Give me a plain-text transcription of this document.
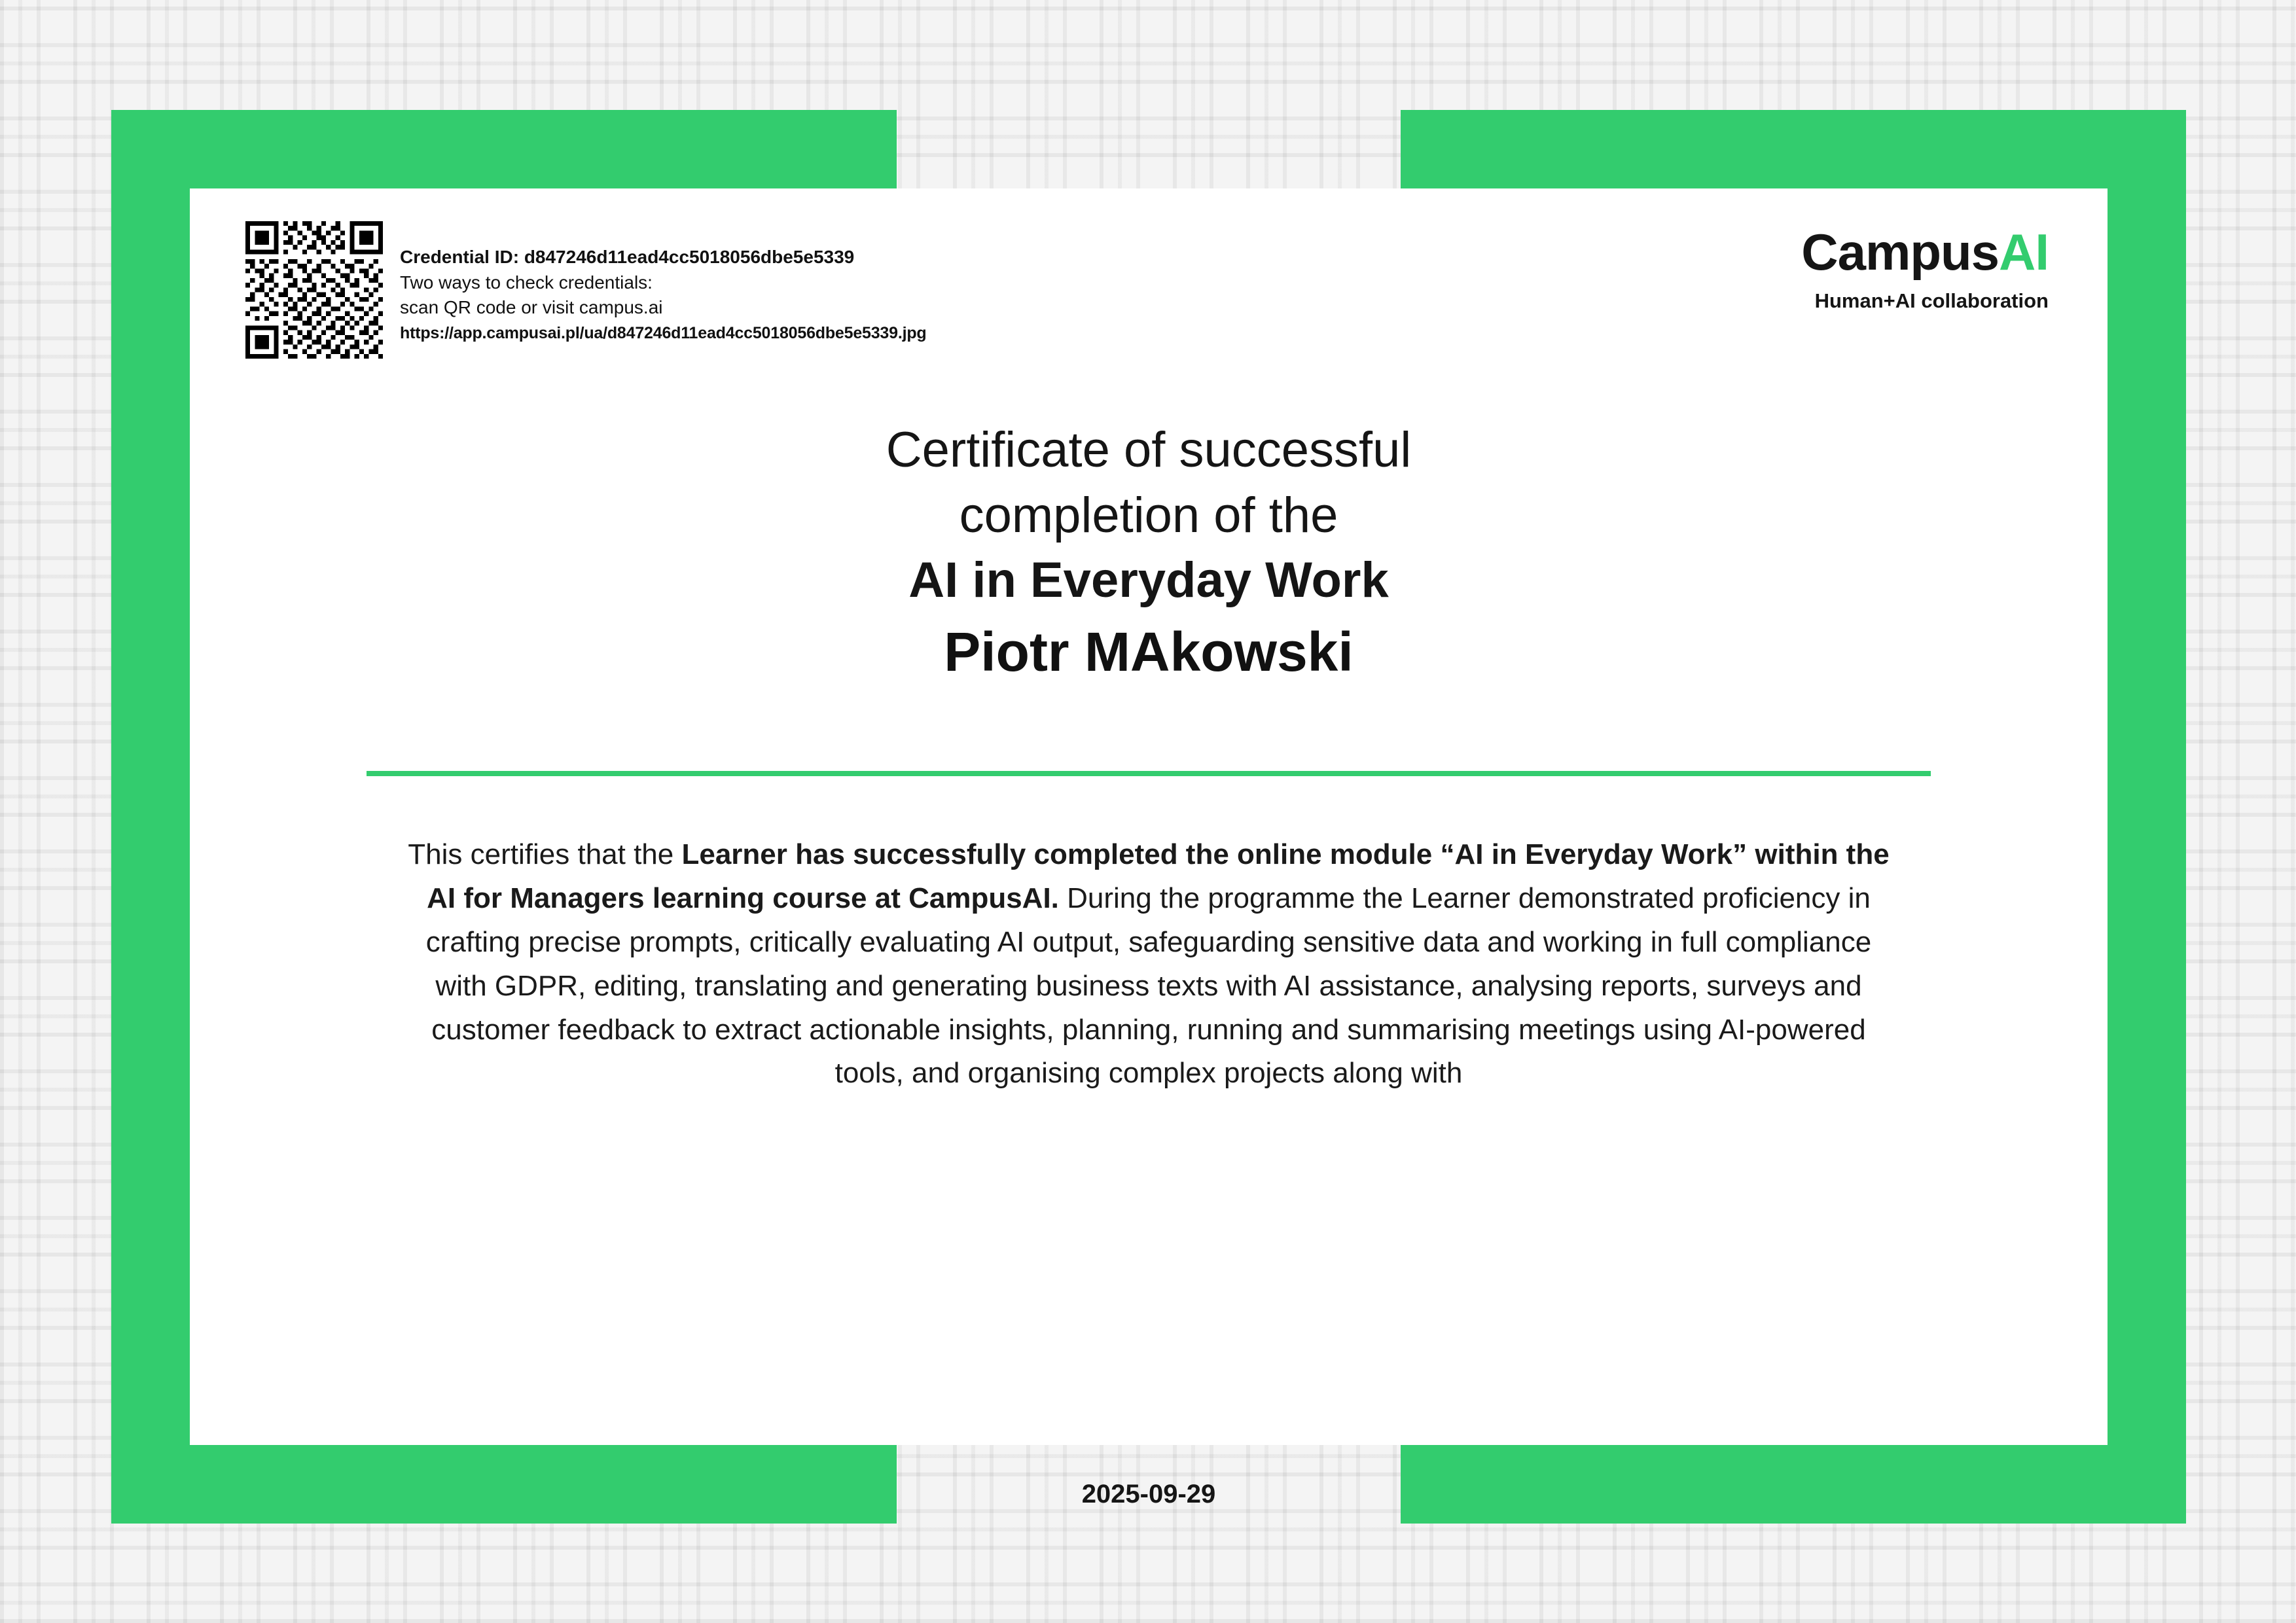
Credential ID: d847246d11ead4cc5018056dbe5e5339
Two ways to check credentials:
scan QR code or visit campus.ai
https://app.campusai.pl/ua/d847246d11ead4cc5018056dbe5e5339.jpg
CampusAI
Human+AI collaboration
Certificate of successful
completion of the
AI in Everyday Work
Piotr MAkowski
This certifies that the Learner has successfully completed the online module “AI in Everyday Work” within the AI for Managers learning course at CampusAI. During the programme the Learner demonstrated proficiency in crafting precise prompts, critically evaluating AI output, safeguarding sensitive data and working in full compliance with GDPR, editing, translating and generating business texts with AI assistance, analysing reports, surveys and customer feedback to extract actionable insights, planning, running and summarising meetings using AI-powered tools, and organising complex projects along with
2025-09-29
